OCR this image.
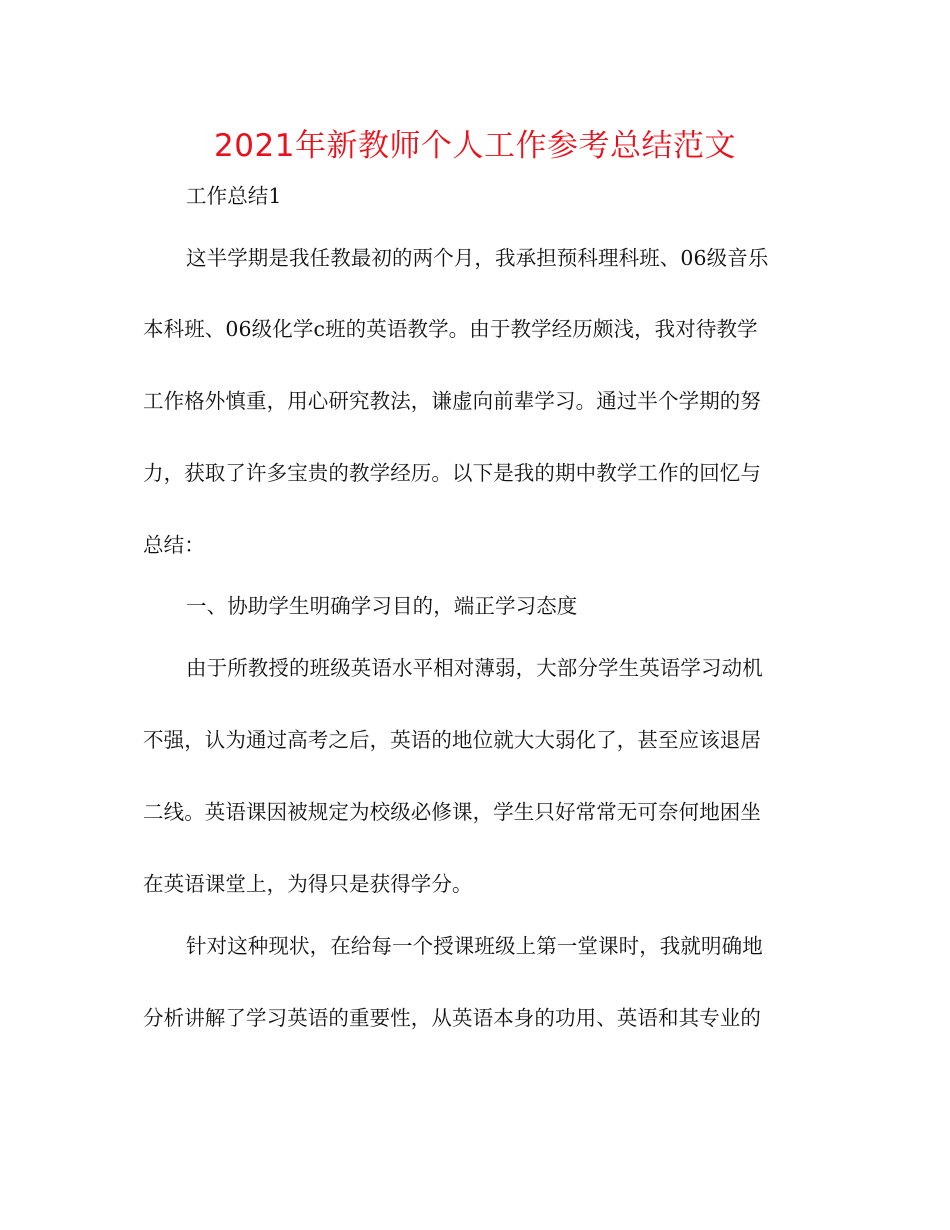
2021年新教师个人工作参考总结范文
工作总结1
这半学期是我任教最初的两个月，我承担预科理科班、06级音乐
本科班、06级化学c班的英语教学。由于教学经历颇浅，我对待教学
工作格外慎重，用心研究教法，谦虚向前辈学习。通过半个学期的努
力，获取了许多宝贵的教学经历。以下是我的期中教学工作的回忆与
总结：
一、协助学生明确学习目的，端正学习态度
由于所教授的班级英语水平相对薄弱，大部分学生英语学习动机
不强，认为通过高考之后，英语的地位就大大弱化了，甚至应该退居
二线。英语课因被规定为校级必修课，学生只好常常无可奈何地困坐
在英语课堂上，为得只是获得学分。
针对这种现状，在给每一个授课班级上第一堂课时，我就明确地
分析讲解了学习英语的重要性，从英语本身的功用、英语和其专业的
